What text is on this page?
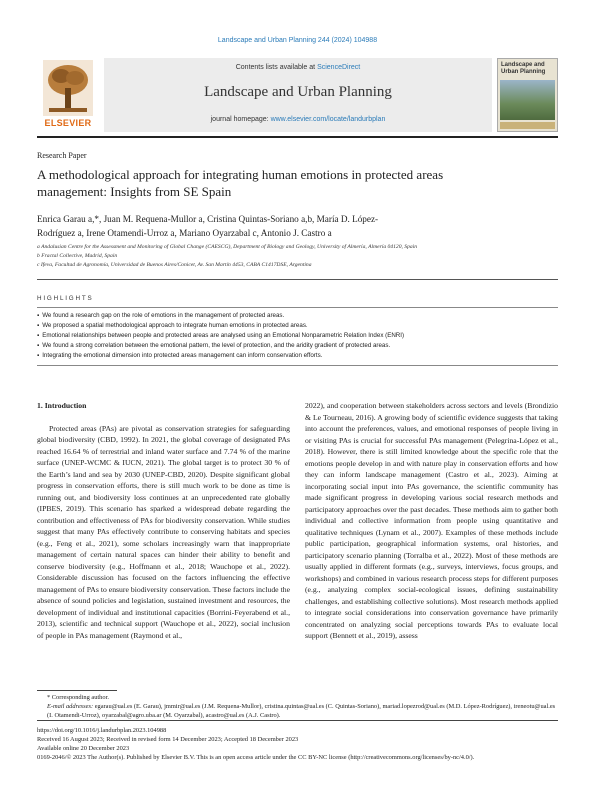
Landscape and Urban Planning 244 (2024) 104988
ELSEVIER
Contents lists available at ScienceDirect
Landscape and Urban Planning
journal homepage: www.elsevier.com/locate/landurbplan
Landscape and Urban Planning
Research Paper
A methodological approach for integrating human emotions in protected areas management: Insights from SE Spain
Enrica Garau a,*, Juan M. Requena-Mullor a, Cristina Quintas-Soriano a,b, María D. López-
Rodríguez a, Irene Otamendi-Urroz a, Mariano Oyarzabal c, Antonio J. Castro a
a Andalusian Centre for the Assessment and Monitoring of Global Change (CAESCG), Department of Biology and Geology, University of Almería, Almería 04120, Spain
b Fractal Collective, Madrid, Spain
c Ifeva, Facultad de Agronomía, Universidad de Buenos Aires/Conicet, Av. San Martín 4453, CABA C1417DSE, Argentina
HIGHLIGHTS
▪ We found a research gap on the role of emotions in the management of protected areas.
▪ We proposed a spatial methodological approach to integrate human emotions in protected areas.
▪ Emotional relationships between people and protected areas are analysed using an Emotional Nonparametric Relation Index (ENRI)
▪ We found a strong correlation between the emotional pattern, the level of protection, and the aridity gradient of protected areas.
▪ Integrating the emotional dimension into protected areas management can inform conservation efforts.
1. Introduction
Protected areas (PAs) are pivotal as conservation strategies for safeguarding global biodiversity (CBD, 1992). In 2021, the global coverage of designated PAs reached 16.64 % of terrestrial and inland water surface and 7.74 % of the marine surface (UNEP-WCMC & IUCN, 2021). The global target is to protect 30 % of the Earth’s land and sea by 2030 (UNEP-CBD, 2020). Despite significant global progress in conservation efforts, there is still much work to be done as time is running out, and biodiversity loss continues at an unprecedented rate globally (IPBES, 2019). This scenario has sparked a widespread debate regarding the contribution and effectiveness of PAs for biodiversity conservation. While studies suggest that many PAs effectively contribute to conserving habitats and species (e.g., Feng et al., 2021), some scholars increasingly warn that inappropriate management of certain natural spaces can hinder their ability to benefit and conserve biodiversity (e.g., Hoffmann et al., 2018; Wauchope et al., 2022). Considerable discussion has focused on the factors influencing the effective management of PAs to ensure biodiversity conservation. These factors include the absence of sound policies and legislation, sustained investment and resources, the development of individual and institutional capacities (Borrini-Feyerabend et al., 2013), scientific and technical support (Wauchope et al., 2022), social inclusion of people in PAs management (Raymond et al.,
2022), and cooperation between stakeholders across sectors and levels (Brondizio & Le Tourneau, 2016). A growing body of scientific evidence suggests that taking into account the preferences, values, and emotional responses of people living in or visiting PAs is crucial for successful PAs management (Pelegrina-López et al., 2018). However, there is still limited knowledge about the specific role that the emotions people develop in and with nature play in conservation efforts and how they can inform landscape management (Castro et al., 2023). Aiming at incorporating social input into PAs governance, the scientific community has made significant progress in developing various social research methods and participatory approaches over the past decades. These methods aim to gather both individual and collective information from people using quantitative and qualitative techniques (Lynam et al., 2007). Examples of these methods include public participation, geographical information systems, oral histories, and participatory scenario planning (Torralba et al., 2022). Most of these methods are usually applied in different formats (e.g., surveys, interviews, focus groups, and workshops) and combined in various research process steps for different purposes (e.g., analyzing complex social-ecological issues, defining sustainability challenges, and establishing collective solutions). Most research methods applied to integrate social considerations into conservation governance have primarily concentrated on analyzing social perceptions towards PAs to evaluate local support (Bennett et al., 2019), assess
* Corresponding author.
E-mail addresses: egarau@ual.es (E. Garau), jmmir@ual.es (J.M. Requena-Mullor), cristina.quintas@ual.es (C. Quintas-Soriano), mariad.lopezrod@ual.es (M.D. López-Rodríguez), ireneotu@ual.es (I. Otamendi-Urroz), oyarzabal@agro.uba.ar (M. Oyarzabal), acastro@ual.es (A.J. Castro).
https://doi.org/10.1016/j.landurbplan.2023.104988
Received 16 August 2023; Received in revised form 14 December 2023; Accepted 18 December 2023
Available online 20 December 2023
0169-2046/© 2023 The Author(s). Published by Elsevier B.V. This is an open access article under the CC BY-NC license (http://creativecommons.org/licenses/by-nc/4.0/).
